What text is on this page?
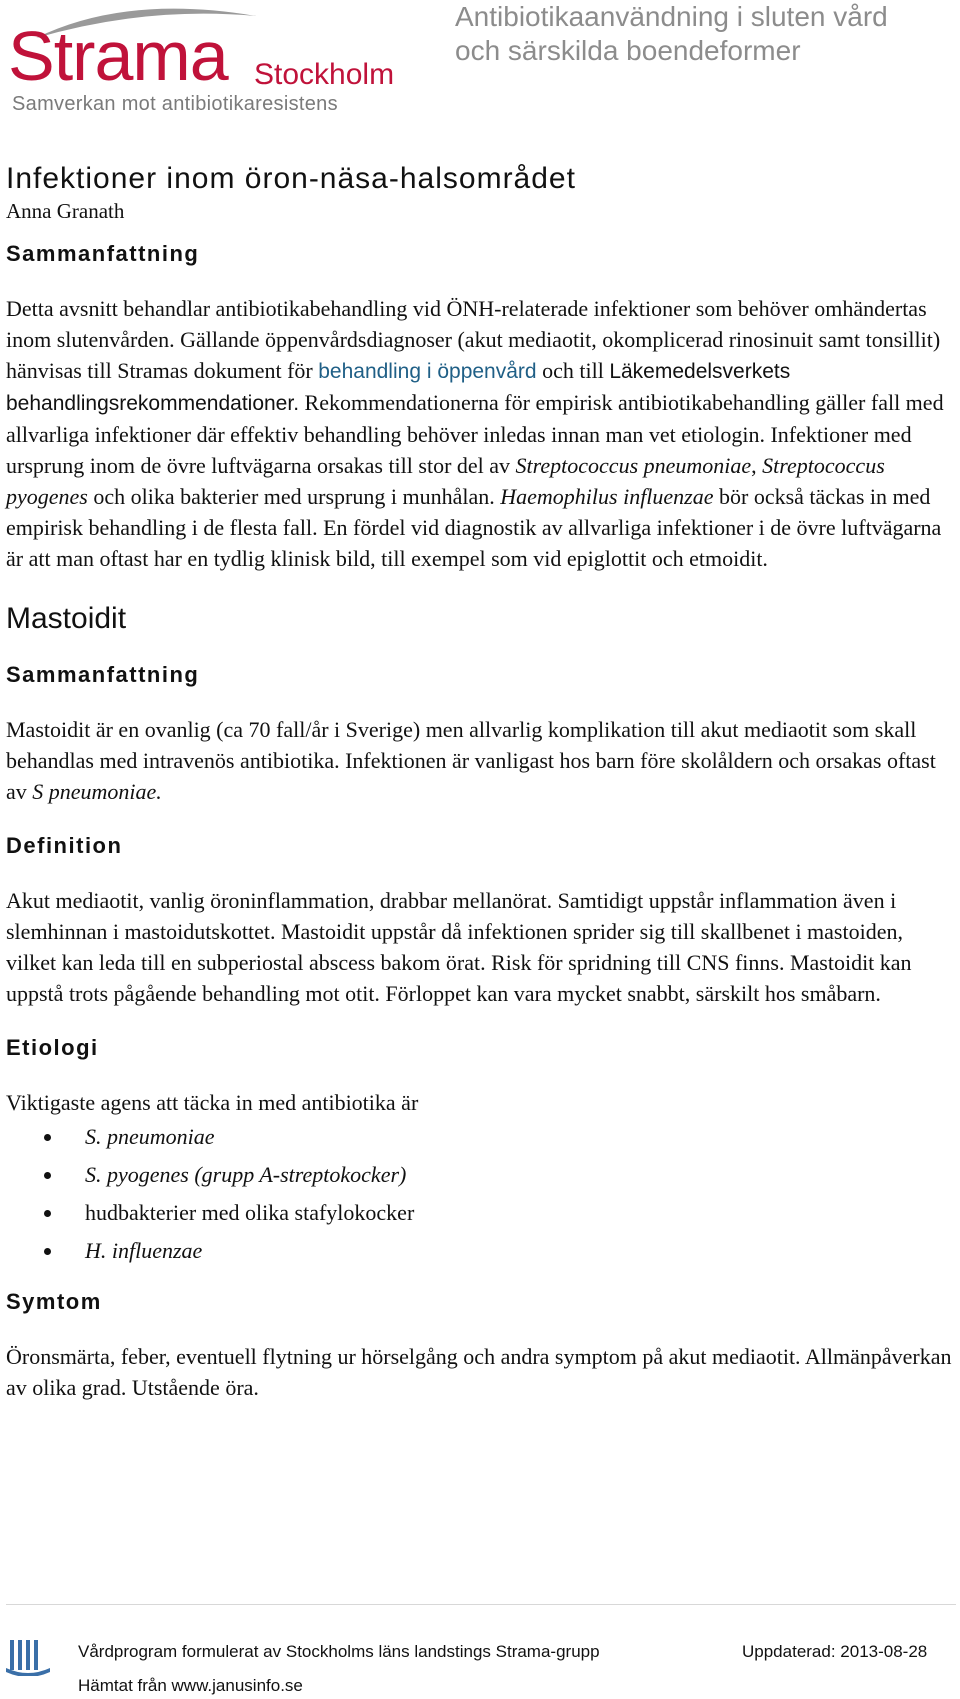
Strama Stockholm
Samverkan mot antibiotikaresistens
Antibiotikaanvändning i sluten vård
och särskilda boendeformer
Infektioner inom öron-näsa-halsområdet

Anna Granath

Sammanfattning

Detta avsnitt behandlar antibiotikabehandling vid ÖNH-relaterade infektioner som behöver omhändertas inom slutenvården. Gällande öppenvårdsdiagnoser (akut mediaotit, okomplicerad rinosinuit samt tonsillit) hänvisas till Stramas dokument för behandling i öppenvård och till Läkemedelsverkets behandlingsrekommendationer. Rekommendationerna för empirisk antibiotikabehandling gäller fall med allvarliga infektioner där effektiv behandling behöver inledas innan man vet etiologin. Infektioner med ursprung inom de övre luftvägarna orsakas till stor del av Streptococcus pneumoniae, Streptococcus pyogenes och olika bakterier med ursprung i munhålan. Haemophilus influenzae bör också täckas in med empirisk behandling i de flesta fall. En fördel vid diagnostik av allvarliga infektioner i de övre luftvägarna är att man oftast har en tydlig klinisk bild, till exempel som vid epiglottit och etmoidit.

Mastoidit
Sammanfattning

Mastoidit är en ovanlig (ca 70 fall/år i Sverige) men allvarlig komplikation till akut mediaotit som skall behandlas med intravenös antibiotika. Infektionen är vanligast hos barn före skolåldern och orsakas oftast av S pneumoniae.

Definition

Akut mediaotit, vanlig öroninflammation, drabbar mellanörat. Samtidigt uppstår inflammation även i slemhinnan i mastoidutskottet. Mastoidit uppstår då infektionen sprider sig till skallbenet i mastoiden, vilket kan leda till en subperiostal abscess bakom örat. Risk för spridning till CNS finns. Mastoidit kan uppstå trots pågående behandling mot otit. Förloppet kan vara mycket snabbt, särskilt hos småbarn.

Etiologi

Viktigaste agens att täcka in med antibiotika är

S. pneumoniae
S. pyogenes (grupp A-streptokocker)
hudbakterier med olika stafylokocker
H. influenzae
Symtom

Öronsmärta, feber, eventuell flytning ur hörselgång och andra symptom på akut mediaotit. Allmänpåverkan av olika grad. Utstående öra.

Vårdprogram formulerat av Stockholms läns landstings Strama-grupp	Uppdaterad: 2013-08-28
Hämtat från www.janusinfo.se
